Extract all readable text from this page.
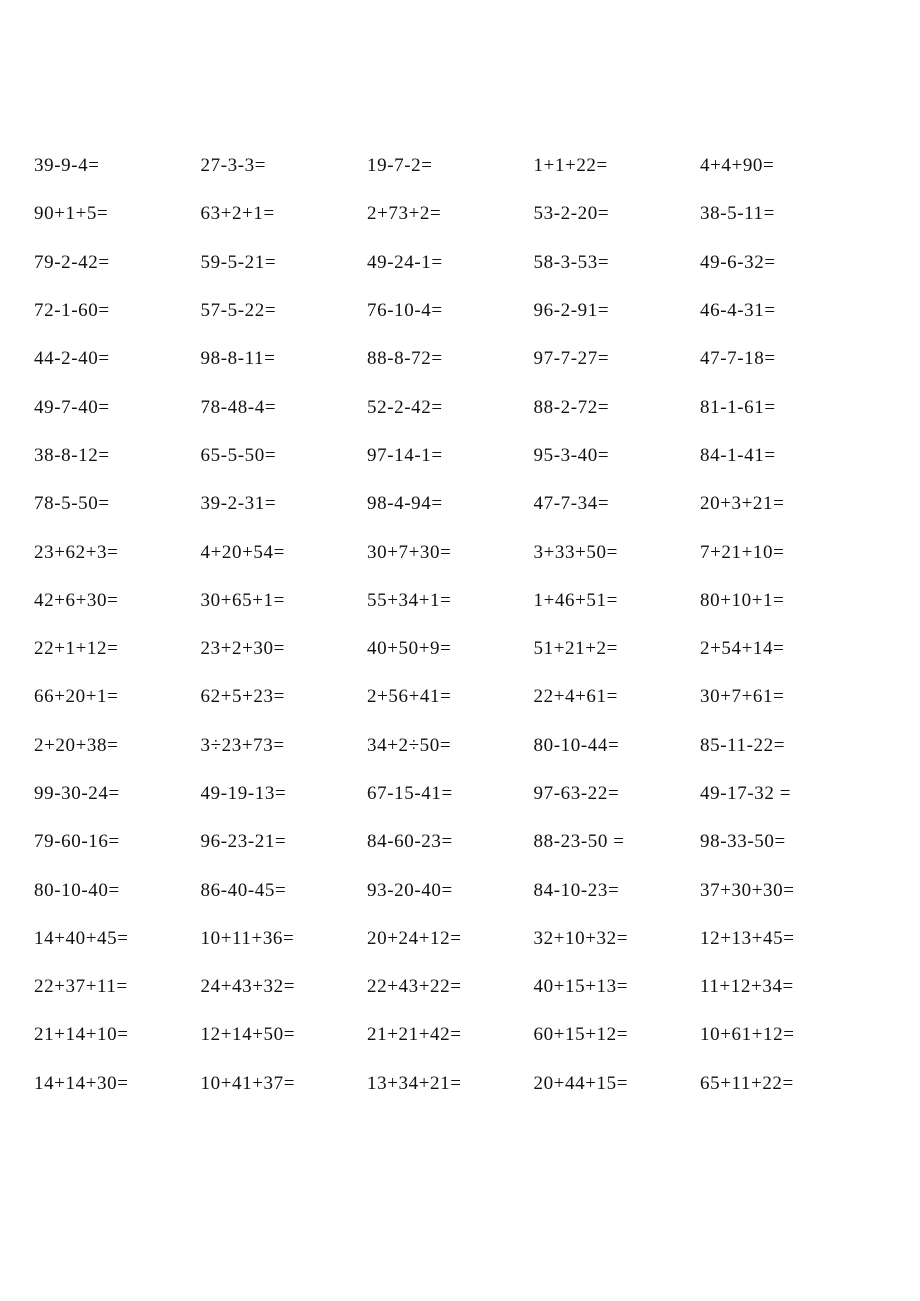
39-9-4=	27-3-3=	19-7-2=	1+1+22=	4+4+90=
90+1+5=	63+2+1=	2+73+2=	53-2-20=	38-5-11=
79-2-42=	59-5-21=	49-24-1=	58-3-53=	49-6-32=
72-1-60=	57-5-22=	76-10-4=	96-2-91=	46-4-31=
44-2-40=	98-8-11=	88-8-72=	97-7-27=	47-7-18=
49-7-40=	78-48-4=	52-2-42=	88-2-72=	81-1-61=
38-8-12=	65-5-50=	97-14-1=	95-3-40=	84-1-41=
78-5-50=	39-2-31=	98-4-94=	47-7-34=	20+3+21=
23+62+3=	4+20+54=	30+7+30=	3+33+50=	7+21+10=
42+6+30=	30+65+1=	55+34+1=	1+46+51=	80+10+1=
22+1+12=	23+2+30=	40+50+9=	51+21+2=	2+54+14=
66+20+1=	62+5+23=	2+56+41=	22+4+61=	30+7+61=
2+20+38=	3÷23+73=	34+2÷50=	80-10-44=	85-11-22=
99-30-24=	49-19-13=	67-15-41=	97-63-22=	49-17-32 =
79-60-16=	96-23-21=	84-60-23=	88-23-50 =	98-33-50=
80-10-40=	86-40-45=	93-20-40=	84-10-23=	37+30+30=
14+40+45=	10+11+36=	20+24+12=	32+10+32=	12+13+45=
22+37+11=	24+43+32=	22+43+22=	40+15+13=	11+12+34=
21+14+10=	12+14+50=	21+21+42=	60+15+12=	10+61+12=
14+14+30=	10+41+37=	13+34+21=	20+44+15=	65+11+22=
